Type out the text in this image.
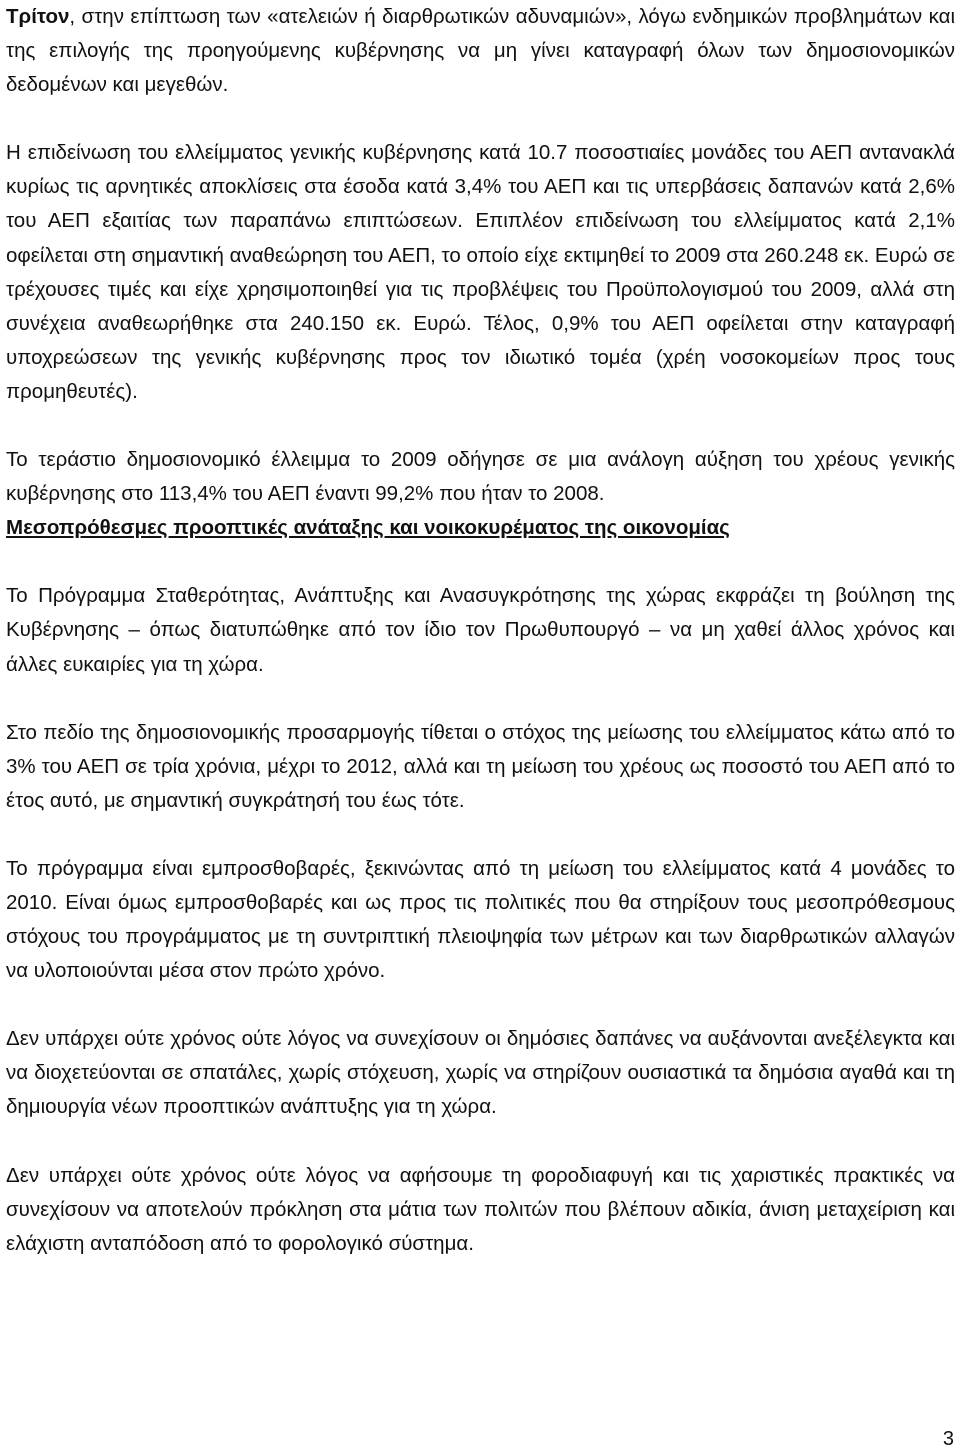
Τρίτον, στην επίπτωση των «ατελειών ή διαρθρωτικών αδυναμιών», λόγω ενδημικών προβλημάτων και της επιλογής της προηγούμενης κυβέρνησης να μη γίνει καταγραφή όλων των δημοσιονομικών δεδομένων και μεγεθών.

Η επιδείνωση του ελλείμματος γενικής κυβέρνησης κατά 10.7 ποσοστιαίες μονάδες του ΑΕΠ αντανακλά κυρίως τις αρνητικές αποκλίσεις στα έσοδα κατά 3,4% του ΑΕΠ και τις υπερβάσεις δαπανών κατά 2,6% του ΑΕΠ εξαιτίας των παραπάνω επιπτώσεων. Επιπλέον επιδείνωση του ελλείμματος κατά 2,1% οφείλεται στη σημαντική αναθεώρηση του ΑΕΠ, το οποίο είχε εκτιμηθεί το 2009 στα 260.248 εκ. Ευρώ σε τρέχουσες τιμές και είχε χρησιμοποιηθεί για τις προβλέψεις του Προϋπολογισμού του 2009, αλλά στη συνέχεια αναθεωρήθηκε στα 240.150 εκ. Ευρώ. Τέλος, 0,9% του ΑΕΠ οφείλεται στην καταγραφή υποχρεώσεων της γενικής κυβέρνησης προς τον ιδιωτικό τομέα (χρέη νοσοκομείων προς τους προμηθευτές).

Το τεράστιο δημοσιονομικό έλλειμμα το 2009 οδήγησε σε μια ανάλογη αύξηση του χρέους γενικής κυβέρνησης στο 113,4% του ΑΕΠ έναντι 99,2% που ήταν το 2008.

Μεσοπρόθεσμες προοπτικές ανάταξης και νοικοκυρέματος της οικονομίας

Το Πρόγραμμα Σταθερότητας, Ανάπτυξης και Ανασυγκρότησης της χώρας εκφράζει τη βούληση της Κυβέρνησης – όπως διατυπώθηκε από τον ίδιο τον Πρωθυπουργό – να μη χαθεί άλλος χρόνος και άλλες ευκαιρίες για τη χώρα.

Στο πεδίο της δημοσιονομικής προσαρμογής τίθεται ο στόχος της μείωσης του ελλείμματος κάτω από το 3% του ΑΕΠ σε τρία χρόνια, μέχρι το 2012, αλλά και τη μείωση του χρέους ως ποσοστό του ΑΕΠ από το έτος αυτό, με σημαντική συγκράτησή του έως τότε.

Το πρόγραμμα είναι εμπροσθοβαρές, ξεκινώντας από τη μείωση του ελλείμματος κατά 4 μονάδες το 2010. Είναι όμως εμπροσθοβαρές και ως προς τις πολιτικές που θα στηρίξουν τους μεσοπρόθεσμους στόχους του προγράμματος με τη συντριπτική πλειοψηφία των μέτρων και των διαρθρωτικών αλλαγών να υλοποιούνται μέσα στον πρώτο χρόνο.

Δεν υπάρχει ούτε χρόνος ούτε λόγος να συνεχίσουν οι δημόσιες δαπάνες να αυξάνονται ανεξέλεγκτα και να διοχετεύονται σε σπατάλες, χωρίς στόχευση, χωρίς να στηρίζουν ουσιαστικά τα δημόσια αγαθά και τη δημιουργία νέων προοπτικών ανάπτυξης για τη χώρα.

Δεν υπάρχει ούτε χρόνος ούτε λόγος να αφήσουμε τη φοροδιαφυγή και τις χαριστικές πρακτικές να συνεχίσουν να αποτελούν πρόκληση στα μάτια των πολιτών που βλέπουν αδικία, άνιση μεταχείριση και ελάχιστη ανταπόδοση από το φορολογικό σύστημα.

3
